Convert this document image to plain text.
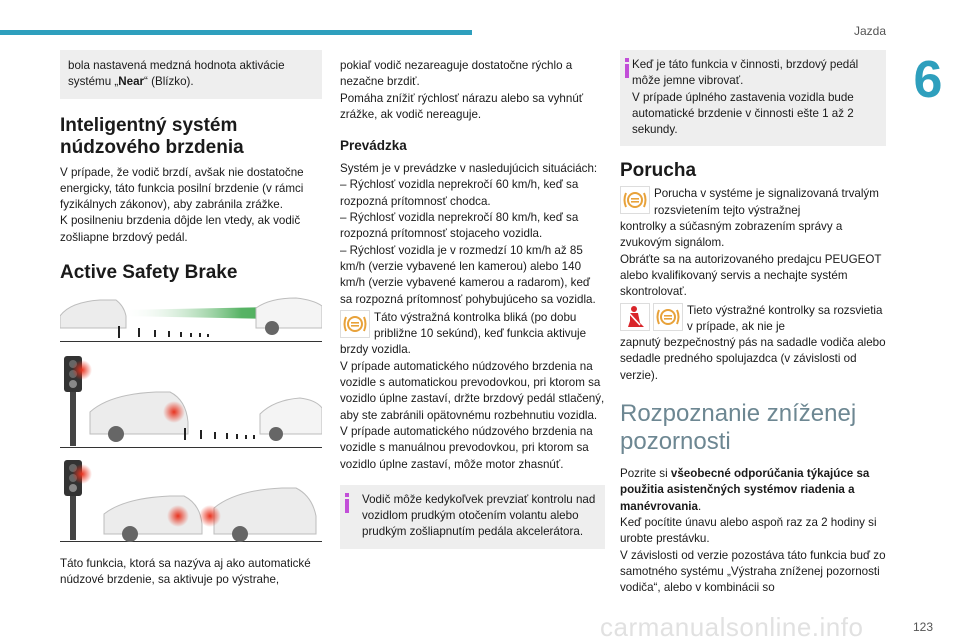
Jazda
6
bola nastavená medzná hodnota aktivácie systému „Near“ (Blízko).
Inteligentný systém núdzového brzdenia

V prípade, že vodič brzdí, avšak nie dostatočne energicky, táto funkcia posilní brzdenie (v rámci fyzikálnych zákonov), aby zabránila zrážke.
K posilneniu brzdenia dôjde len vtedy, ak vodič zošliapne brzdový pedál.

Active Safety Brake

Táto funkcia, ktorá sa nazýva aj ako automatické núdzové brzdenie, sa aktivuje po výstrahe,

pokiaľ vodič nezareaguje dostatočne rýchlo a nezačne brzdiť.
Pomáha znížiť rýchlosť nárazu alebo sa vyhnúť zrážke, ak vodič nereaguje.

Prevádzka

Systém je v prevádzke v nasledujúcich situáciách:
– Rýchlosť vozidla neprekročí 60 km/h, keď sa rozpozná prítomnosť chodca.
– Rýchlosť vozidla neprekročí 80 km/h, keď sa rozpozná prítomnosť stojaceho vozidla.
– Rýchlosť vozidla je v rozmedzí 10 km/h až 85 km/h (verzie vybavené len kamerou) alebo 140 km/h (verzie vybavené kamerou a radarom), keď sa rozpozná prítomnosť pohybujúceho sa vozidla.

Táto výstražná kontrolka bliká (po dobu približne 10 sekúnd), keď funkcia aktivuje

brzdy vozidla.
V prípade automatického núdzového brzdenia na vozidle s automatickou prevodovkou, pri ktorom sa vozidlo úplne zastaví, držte brzdový pedál stlačený, aby ste zabránili opätovnému rozbehnutiu vozidla.
V prípade automatického núdzového brzdenia na vozidle s manuálnou prevodovkou, pri ktorom sa vozidlo úplne zastaví, môže motor zhasnúť.

Vodič môže kedykoľvek prevziať kontrolu nad vozidlom prudkým otočením volantu alebo prudkým zošliapnutím pedála akcelerátora.
Keď je táto funkcia v činnosti, brzdový pedál môže jemne vibrovať.
V prípade úplného zastavenia vozidla bude automatické brzdenie v činnosti ešte 1 až 2 sekundy.
Porucha

Porucha v systéme je signalizovaná trvalým rozsvietením tejto výstražnej

kontrolky a súčasným zobrazením správy a zvukovým signálom.
Obráťte sa na autorizovaného predajcu PEUGEOT alebo kvalifikovaný servis a nechajte systém skontrolovať.

Tieto výstražné kontrolky sa rozsvietia v prípade, ak nie je

zapnutý bezpečnostný pás na sadadle vodiča alebo sedadle predného spolujazdca (v závislosti od verzie).

Rozpoznanie zníženej pozornosti

Pozrite si všeobecné odporúčania týkajúce sa použitia asistenčných systémov riadenia a manévrovania.

Keď pocítite únavu alebo aspoň raz za 2 hodiny si urobte prestávku.
V závislosti od verzie pozostáva táto funkcia buď zo samotného systému „Výstraha zníženej pozornosti vodiča“, alebo v kombinácii so

carmanualsonline.info	123
